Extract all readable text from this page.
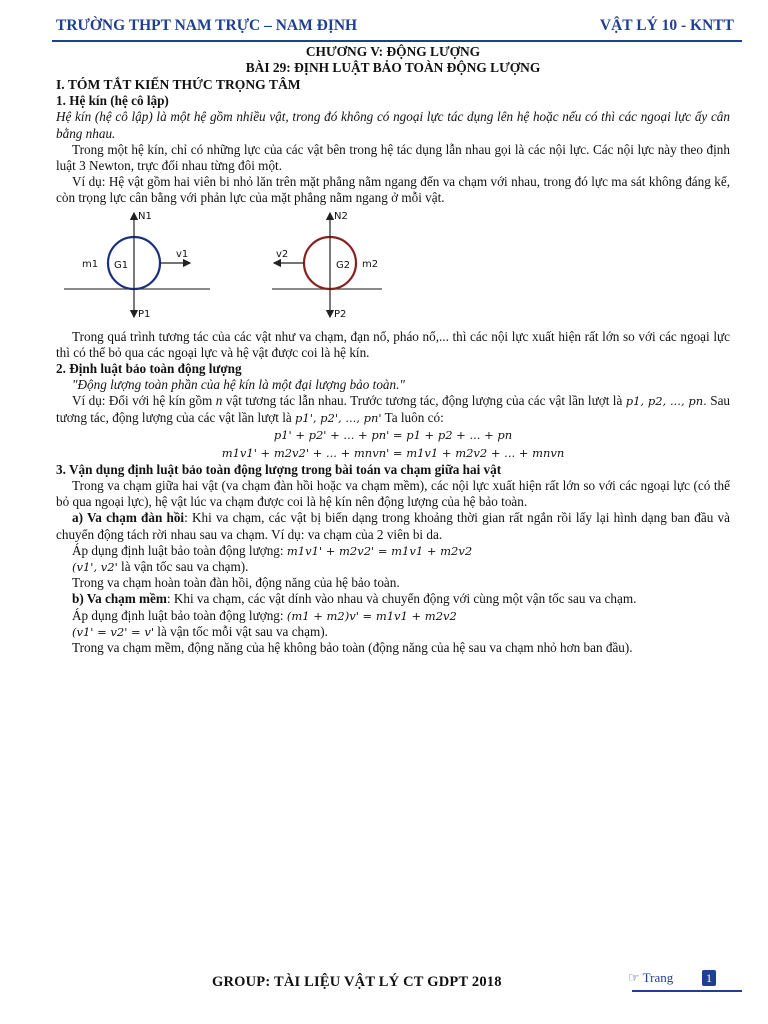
TRƯỜNG THPT NAM TRỰC – NAM ĐỊNH	VẬT LÝ 10 - KNTT
CHƯƠNG V: ĐỘNG LƯỢNG
BÀI 29: ĐỊNH LUẬT BẢO TOÀN ĐỘNG LƯỢNG
I. TÓM TẮT KIẾN THỨC TRỌNG TÂM
1. Hệ kín (hệ cô lập)
Hệ kín (hệ cô lập) là một hệ gồm nhiều vật, trong đó không có ngoại lực tác dụng lên hệ hoặc nếu có thì các ngoại lực ấy cân bằng nhau.
Trong một hệ kín, chỉ có những lực của các vật bên trong hệ tác dụng lẫn nhau gọi là các nội lực. Các nội lực này theo định luật 3 Newton, trực đối nhau từng đôi một.
Ví dụ: Hệ vật gồm hai viên bi nhỏ lăn trên mặt phẳng nằm ngang đến va chạm với nhau, trong đó lực ma sát không đáng kể, còn trọng lực cân bằng với phản lực của mặt phẳng nằm ngang ở mỗi vật.
N1
P1
v1
m1 G1
N2
P2
v2
m2
G2
Trong quá trình tương tác của các vật như va chạm, đạn nổ, pháo nổ,... thì các nội lực xuất hiện rất lớn so với các ngoại lực thì có thể bỏ qua các ngoại lực và hệ vật được coi là hệ kín.
2. Định luật bảo toàn động lượng
"Động lượng toàn phần của hệ kín là một đại lượng bảo toàn."
Ví dụ: Đối với hệ kín gồm n vật tương tác lẫn nhau. Trước tương tác, động lượng của các vật lần lượt là p1, p2, ..., pn. Sau tương tác, động lượng của các vật lần lượt là p1', p2', ..., pn' Ta luôn có:
p1' + p2' + ... + pn' = p1 + p2 + ... + pn
m1v1' + m2v2' + ... + mnvn' = m1v1 + m2v2 + ... + mnvn
3. Vận dụng định luật bảo toàn động lượng trong bài toán va chạm giữa hai vật
Trong va chạm giữa hai vật (va chạm đàn hồi hoặc va chạm mềm), các nội lực xuất hiện rất lớn so với các ngoại lực (có thể bỏ qua ngoại lực), hệ vật lúc va chạm được coi là hệ kín nên động lượng của hệ bảo toàn.
a) Va chạm đàn hồi: Khi va chạm, các vật bị biến dạng trong khoảng thời gian rất ngắn rồi lấy lại hình dạng ban đầu và chuyển động tách rời nhau sau va chạm. Ví dụ: va chạm của 2 viên bi da.
Áp dụng định luật bảo toàn động lượng: m1v1' + m2v2' = m1v1 + m2v2
(v1', v2' là vận tốc sau va chạm).
Trong va chạm hoàn toàn đàn hồi, động năng của hệ bảo toàn.
b) Va chạm mềm: Khi va chạm, các vật dính vào nhau và chuyển động với cùng một vận tốc sau va chạm.
Áp dụng định luật bảo toàn động lượng: (m1 + m2)v' = m1v1 + m2v2
(v1' = v2' = v' là vận tốc mỗi vật sau va chạm).
Trong va chạm mềm, động năng của hệ không bảo toàn (động năng của hệ sau va chạm nhỏ hơn ban đầu).
GROUP: TÀI LIỆU VẬT LÝ CT GDPT 2018	☞ Trang	1
